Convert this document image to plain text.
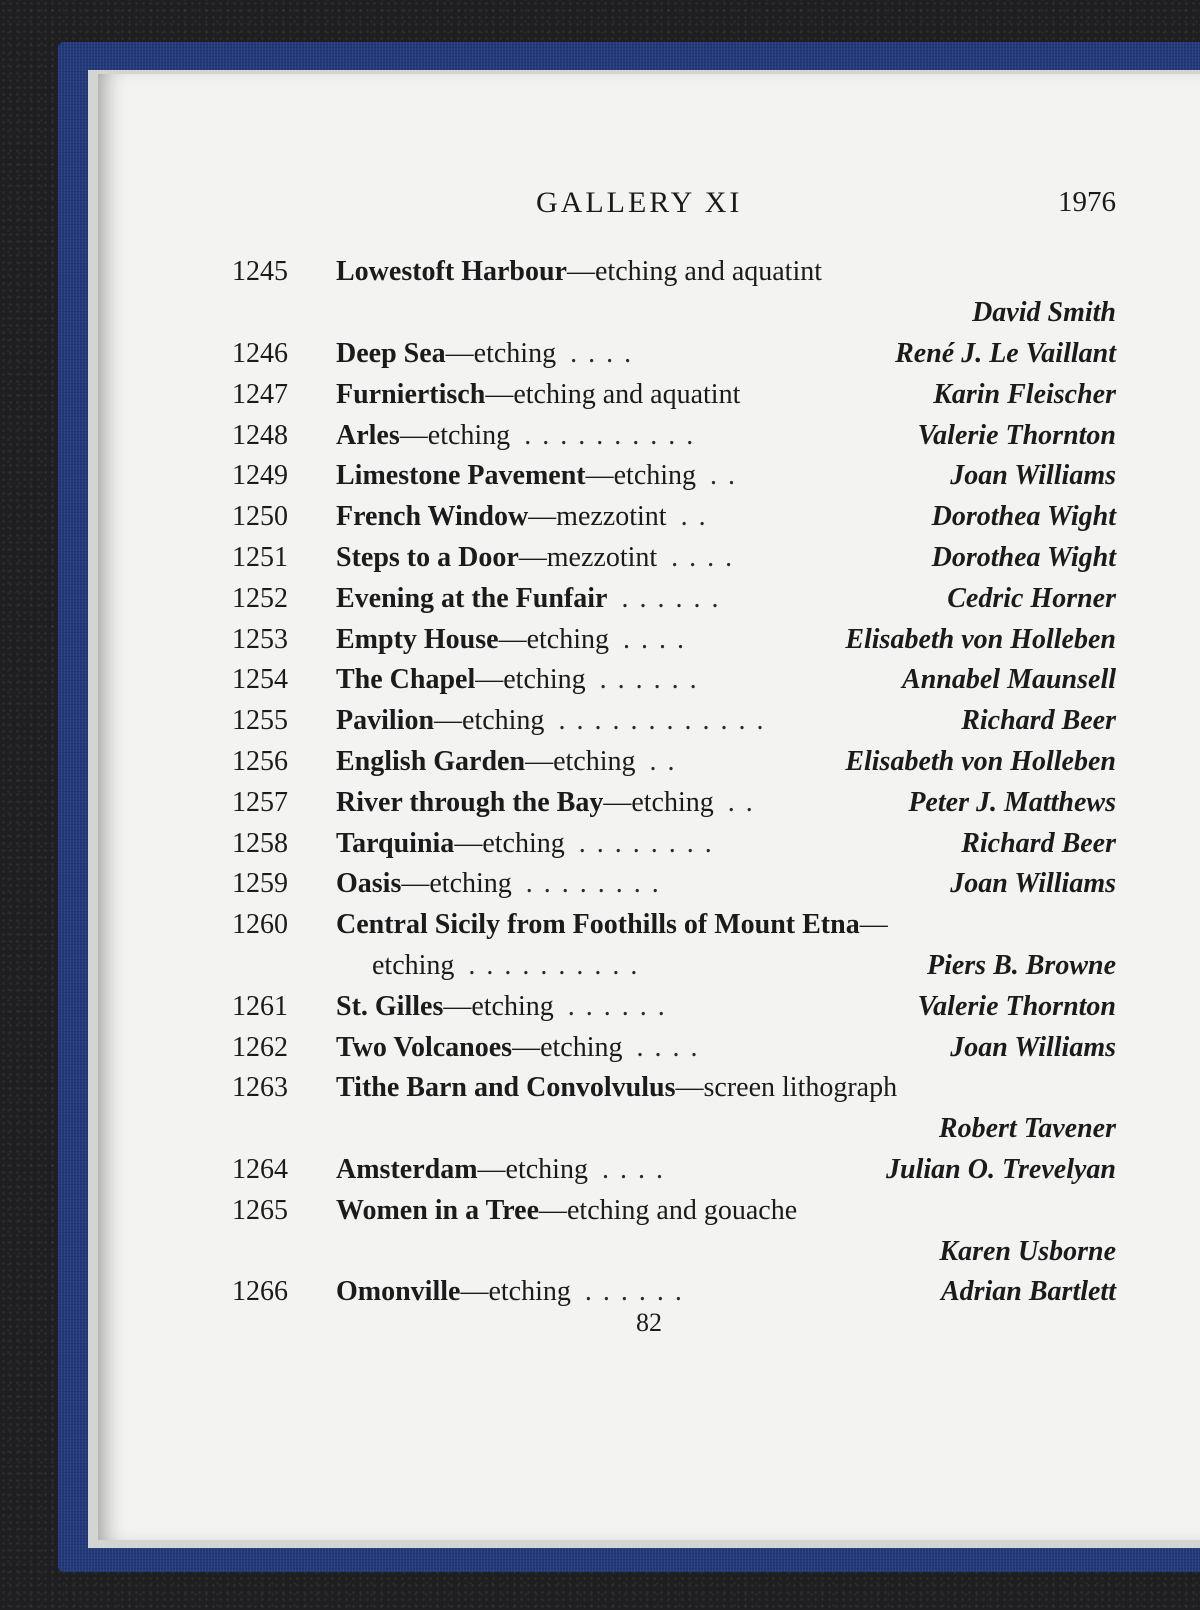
GALLERY XI	1976
1245	Lowestoft Harbour—etching and aquatint
David Smith
1246	Deep Sea—etching . . . .	René J. Le Vaillant
1247	Furniertisch—etching and aquatint	Karin Fleischer
1248	Arles—etching . . . . . . . . . .	Valerie Thornton
1249	Limestone Pavement—etching . .	Joan Williams
1250	French Window—mezzotint . .	Dorothea Wight
1251	Steps to a Door—mezzotint . . . .	Dorothea Wight
1252	Evening at the Funfair . . . . . .	Cedric Horner
1253	Empty House—etching . . . .	Elisabeth von Holleben
1254	The Chapel—etching . . . . . .	Annabel Maunsell
1255	Pavilion—etching . . . . . . . . . . . .	Richard Beer
1256	English Garden—etching . .	Elisabeth von Holleben
1257	River through the Bay—etching . .	Peter J. Matthews
1258	Tarquinia—etching . . . . . . . .	Richard Beer
1259	Oasis—etching . . . . . . . .	Joan Williams
1260	Central Sicily from Foothills of Mount Etna—
etching . . . . . . . . . .	Piers B. Browne
1261	St. Gilles—etching . . . . . .	Valerie Thornton
1262	Two Volcanoes—etching . . . .	Joan Williams
1263	Tithe Barn and Convolvulus—screen lithograph
Robert Tavener
1264	Amsterdam—etching . . . .	Julian O. Trevelyan
1265	Women in a Tree—etching and gouache
Karen Usborne
1266	Omonville—etching . . . . . .	Adrian Bartlett
82
